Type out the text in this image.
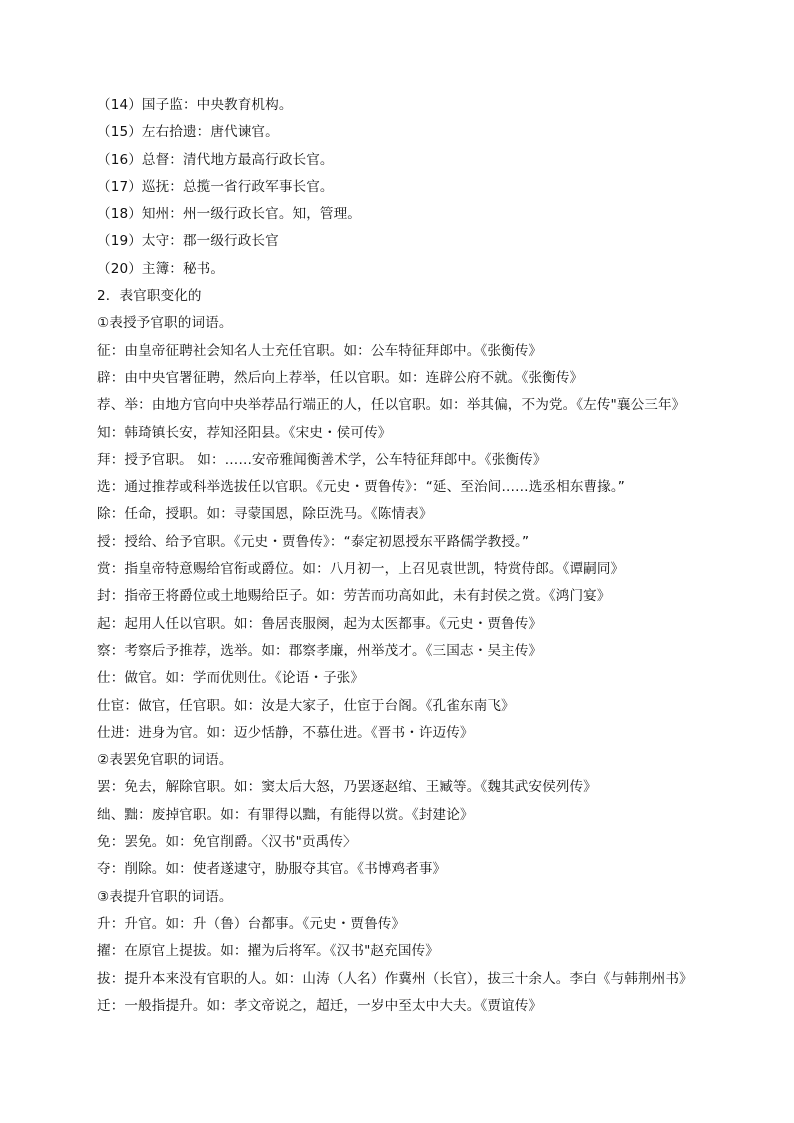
（14）国子监：中央教育机构。
（15）左右拾遗：唐代谏官。
（16）总督：清代地方最高行政长官。
（17）巡抚：总揽一省行政军事长官。
（18）知州：州一级行政长官。知，管理。
（19）太守：郡一级行政长官
（20）主簿：秘书。
2．表官职变化的
①表授予官职的词语。
征：由皇帝征聘社会知名人士充任官职。如：公车特征拜郎中。《张衡传》
辟：由中央官署征聘，然后向上荐举，任以官职。如：连辟公府不就。《张衡传》
荐、举：由地方官向中央举荐品行端正的人，任以官职。如：举其偏，不为党。《左传"襄公三年》
知：韩琦镇长安，荐知泾阳县。《宋史・侯可传》
拜：授予官职。 如：……安帝雅闻衡善术学，公车特征拜郎中。《张衡传》
选：通过推荐或科举选拔任以官职。《元史・贾鲁传》：“延、至治间……选丞相东曹掾。”
除：任命，授职。如：寻蒙国恩，除臣洗马。《陈情表》
授：授给、给予官职。《元史・贾鲁传》：“泰定初恩授东平路儒学教授。”
赏：指皇帝特意赐给官衔或爵位。如：八月初一，上召见袁世凯，特赏侍郎。《谭嗣同》
封：指帝王将爵位或土地赐给臣子。如：劳苦而功高如此，未有封侯之赏。《鸿门宴》
起：起用人任以官职。如：鲁居丧服阕，起为太医都事。《元史・贾鲁传》
察：考察后予推荐，选举。如：郡察孝廉，州举茂才。《三国志・吴主传》
仕：做官。如：学而优则仕。《论语・子张》
仕宦：做官，任官职。如：汝是大家子，仕宦于台阁。《孔雀东南飞》
仕进：进身为官。如：迈少恬静，不慕仕进。《晋书・许迈传》
②表罢免官职的词语。
罢：免去，解除官职。如：窦太后大怒，乃罢逐赵绾、王臧等。《魏其武安侯列传》
绌、黜：废掉官职。如：有罪得以黜，有能得以赏。《封建论》
免：罢免。如：免官削爵。〈汉书"贡禹传〉
夺：削除。如：使者遂逮守，胁服夺其官。《书博鸡者事》
③表提升官职的词语。
升：升官。如：升（鲁）台都事。《元史・贾鲁传》
擢：在原官上提拔。如：擢为后将军。《汉书"赵充国传》
拔：提升本来没有官职的人。如：山涛（人名）作冀州（长官），拔三十余人。李白《与韩荆州书》
迁：一般指提升。如：孝文帝说之，超迁，一岁中至太中大夫。《贾谊传》
